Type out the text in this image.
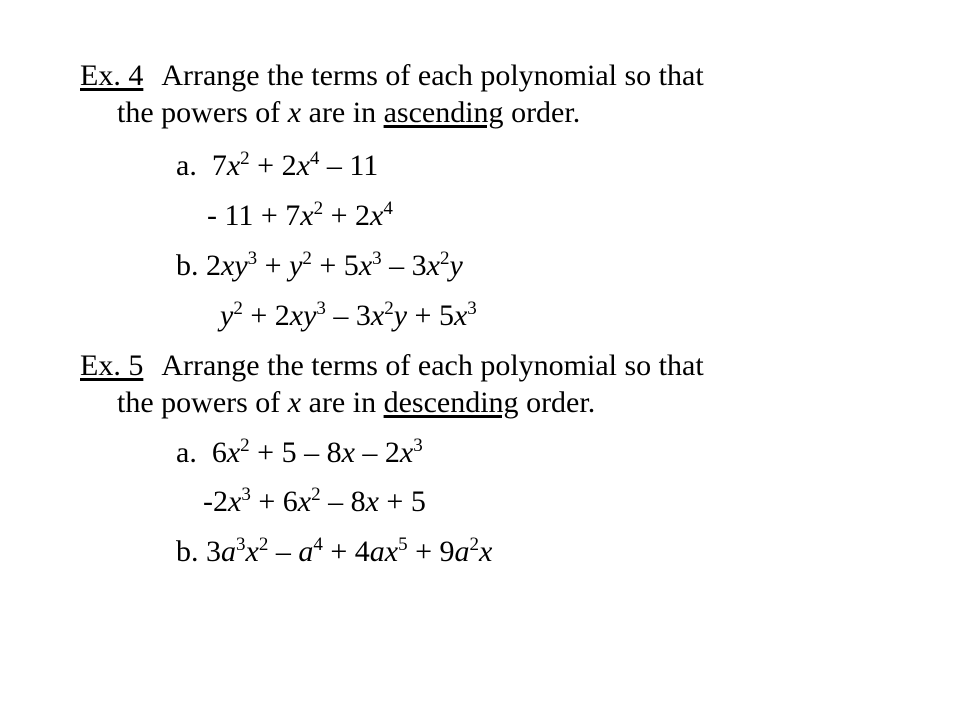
Ex. 4 Arrange the terms of each polynomial so that
the powers of x are in ascending order.
a.  $7x^2 + 2x^4 - 11$
- $11 + 7x^2 + 2x^4$
b. $2xy^3 + y^2 + 5x^3 - 3x^2y$
$y^2 + 2xy^3 - 3x^2y + 5x^3$
Ex. 5 Arrange the terms of each polynomial so that
the powers of x are in descending order.
a.  $6x^2 + 5 - 8x - 2x^3$
$-2x^3 + 6x^2 - 8x + 5$
b. $3a^3x^2 - a^4 + 4ax^5 + 9a^2x$
